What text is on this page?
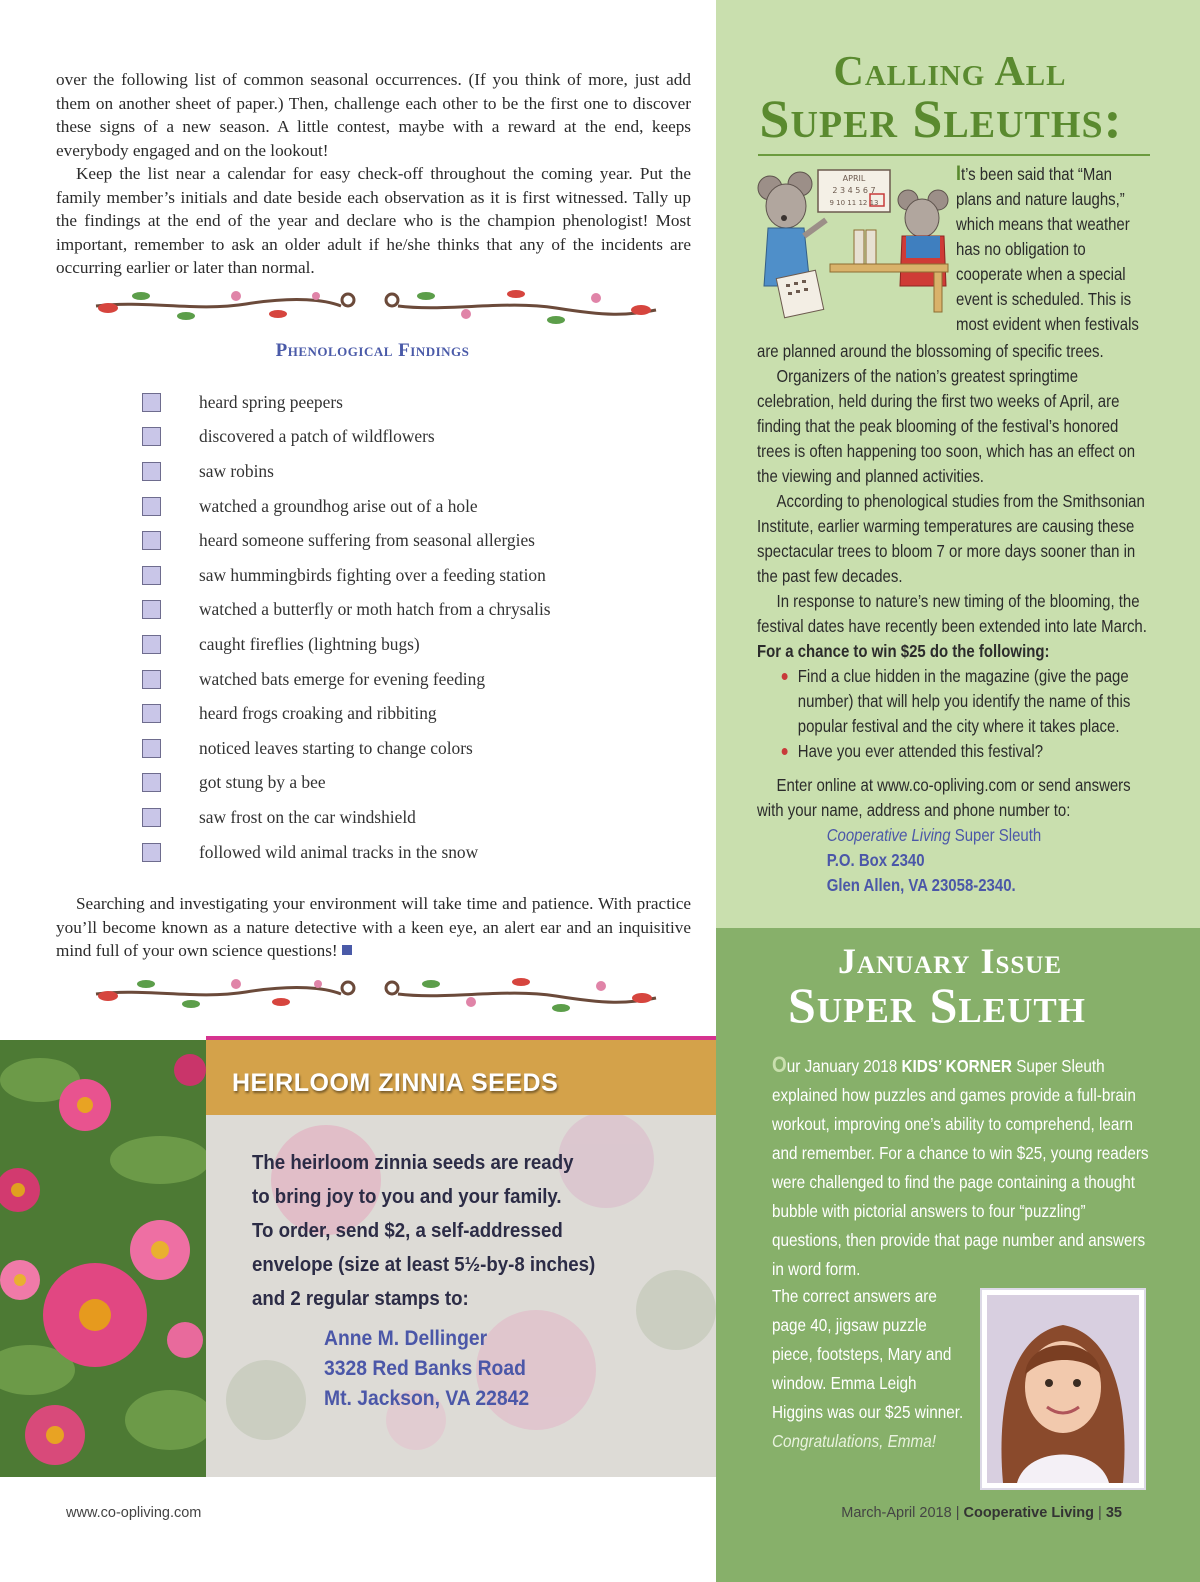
over the following list of common seasonal occurrences. (If you think of more, just add them on another sheet of paper.) Then, challenge each other to be the first one to discover these signs of a new season. A little contest, maybe with a reward at the end, keeps everybody engaged and on the lookout!

Keep the list near a calendar for easy check-off throughout the coming year. Put the family member’s initials and date beside each observation as it is first witnessed. Tally up the findings at the end of the year and declare who is the champion phenologist! Most important, remember to ask an older adult if he/she thinks that any of the incidents are occurring earlier or later than normal.

Phenological Findings
heard spring peepers
discovered a patch of wildflowers
saw robins
watched a groundhog arise out of a hole
heard someone suffering from seasonal allergies
saw hummingbirds fighting over a feeding station
watched a butterfly or moth hatch from a chrysalis
caught fireflies (lightning bugs)
watched bats emerge for evening feeding
heard frogs croaking and ribbiting
noticed leaves starting to change colors
got stung by a bee
saw frost on the car windshield
followed wild animal tracks in the snow

Searching and investigating your environment will take time and patience. With practice you’ll become known as a nature detective with a keen eye, an alert ear and an inquisitive mind full of your own science questions!

HEIRLOOM ZINNIA SEEDS
The heirloom zinnia seeds are ready
to bring joy to you and your family.
To order, send $2, a self-addressed
envelope (size at least 5½-by-8 inches)
and 2 regular stamps to:
Anne M. Dellinger
3328 Red Banks Road
Mt. Jackson, VA 22842
Calling All
Super Sleuths:
APRIL
2 3 4 5 6 7
9 10 11 12 13
It’s been said that “Man plans and nature laughs,” which means that weather has no obligation to cooperate when a special event is scheduled. This is most evident when festivals

are planned around the blossoming of specific trees.

Organizers of the nation’s greatest springtime celebration, held during the first two weeks of April, are finding that the peak blooming of the festival’s honored trees is often happening too soon, which has an effect on the viewing and planned activities.

According to phenological studies from the Smithsonian Institute, earlier warming temperatures are causing these spectacular trees to bloom 7 or more days sooner than in the past few decades.

In response to nature’s new timing of the blooming, the festival dates have recently been extended into late March.

For a chance to win $25 do the following:

Find a clue hidden in the magazine (give the page number) that will help you identify the name of this popular festival and the city where it takes place.
Have you ever attended this festival?

Enter online at www.co-opliving.com or send answers with your name, address and phone number to:

Cooperative Living Super Sleuth
P.O. Box 2340
Glen Allen, VA 23058-2340.
January Issue
Super Sleuth

Our January 2018 KIDS’ KORNER Super Sleuth explained how puzzles and games provide a full-brain workout, improving one’s ability to comprehend, learn and remember. For a chance to win $25, young readers were challenged to find the page containing a thought bubble with pictorial answers to four “puzzling” questions, then provide that page number and answers in word form.

The correct answers are page 40, jigsaw puzzle piece, footsteps, Mary and window. Emma Leigh Higgins was our $25 winner.

Congratulations, Emma!

www.co-opliving.com	March-April 2018 | Cooperative Living | 35
